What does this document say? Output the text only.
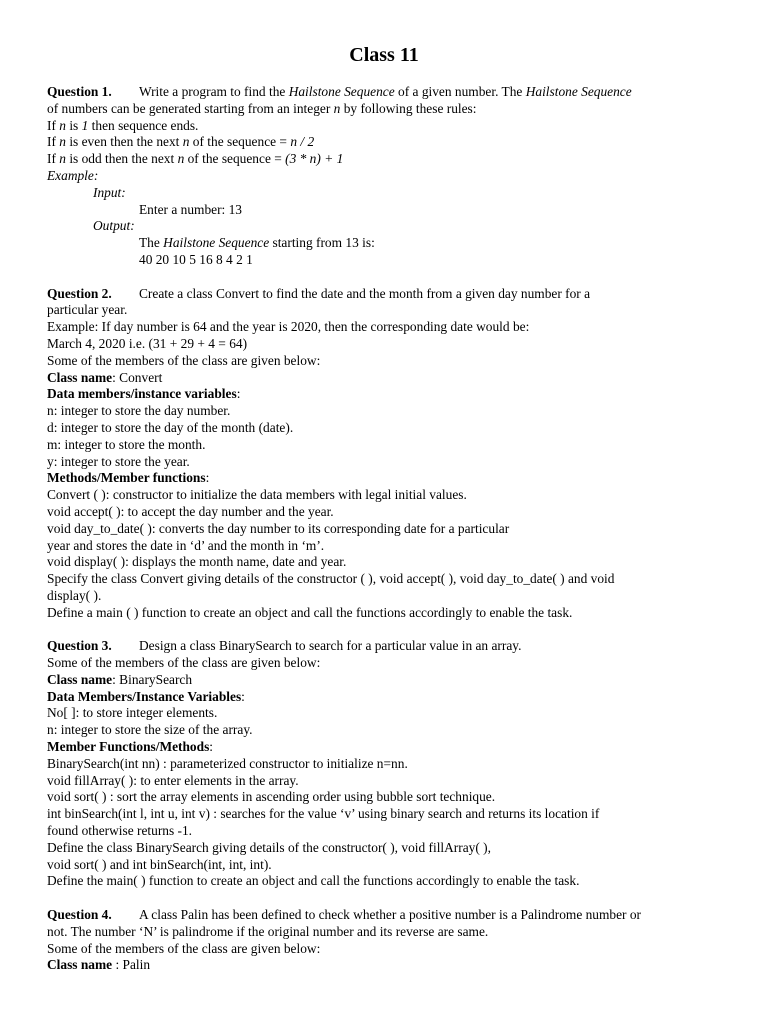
Class 11
Question 1. Write a program to find the Hailstone Sequence of a given number. The Hailstone Sequence
of numbers can be generated starting from an integer n by following these rules:
If n is 1 then sequence ends.
If n is even then the next n of the sequence = n / 2
If n is odd then the next n of the sequence = (3 * n) + 1
Example:
Input:
Enter a number: 13
Output:
The Hailstone Sequence starting from 13 is:
40 20 10 5 16 8 4 2 1
Question 2. Create a class Convert to find the date and the month from a given day number for a
particular year.
Example: If day number is 64 and the year is 2020, then the corresponding date would be:
March 4, 2020 i.e. (31 + 29 + 4 = 64)
Some of the members of the class are given below:
Class name: Convert
Data members/instance variables:
n: integer to store the day number.
d: integer to store the day of the month (date).
m: integer to store the month.
y: integer to store the year.
Methods/Member functions:
Convert ( ): constructor to initialize the data members with legal initial values.
void accept( ): to accept the day number and the year.
void day_to_date( ): converts the day number to its corresponding date for a particular
year and stores the date in ‘d’ and the month in ‘m’.
void display( ): displays the month name, date and year.
Specify the class Convert giving details of the constructor ( ), void accept( ), void day_to_date( ) and void
display( ).
Define a main ( ) function to create an object and call the functions accordingly to enable the task.
Question 3. Design a class BinarySearch to search for a particular value in an array.
Some of the members of the class are given below:
Class name: BinarySearch
Data Members/Instance Variables:
No[ ]: to store integer elements.
n: integer to store the size of the array.
Member Functions/Methods:
BinarySearch(int nn) : parameterized constructor to initialize n=nn.
void fillArray( ): to enter elements in the array.
void sort( ) : sort the array elements in ascending order using bubble sort technique.
int binSearch(int l, int u, int v) : searches for the value ‘v’ using binary search and returns its location if
found otherwise returns -1.
Define the class BinarySearch giving details of the constructor( ), void fillArray( ),
void sort( ) and int binSearch(int, int, int).
Define the main( ) function to create an object and call the functions accordingly to enable the task.
Question 4. A class Palin has been defined to check whether a positive number is a Palindrome number or
not. The number ‘N’ is palindrome if the original number and its reverse are same.
Some of the members of the class are given below:
Class name : Palin
